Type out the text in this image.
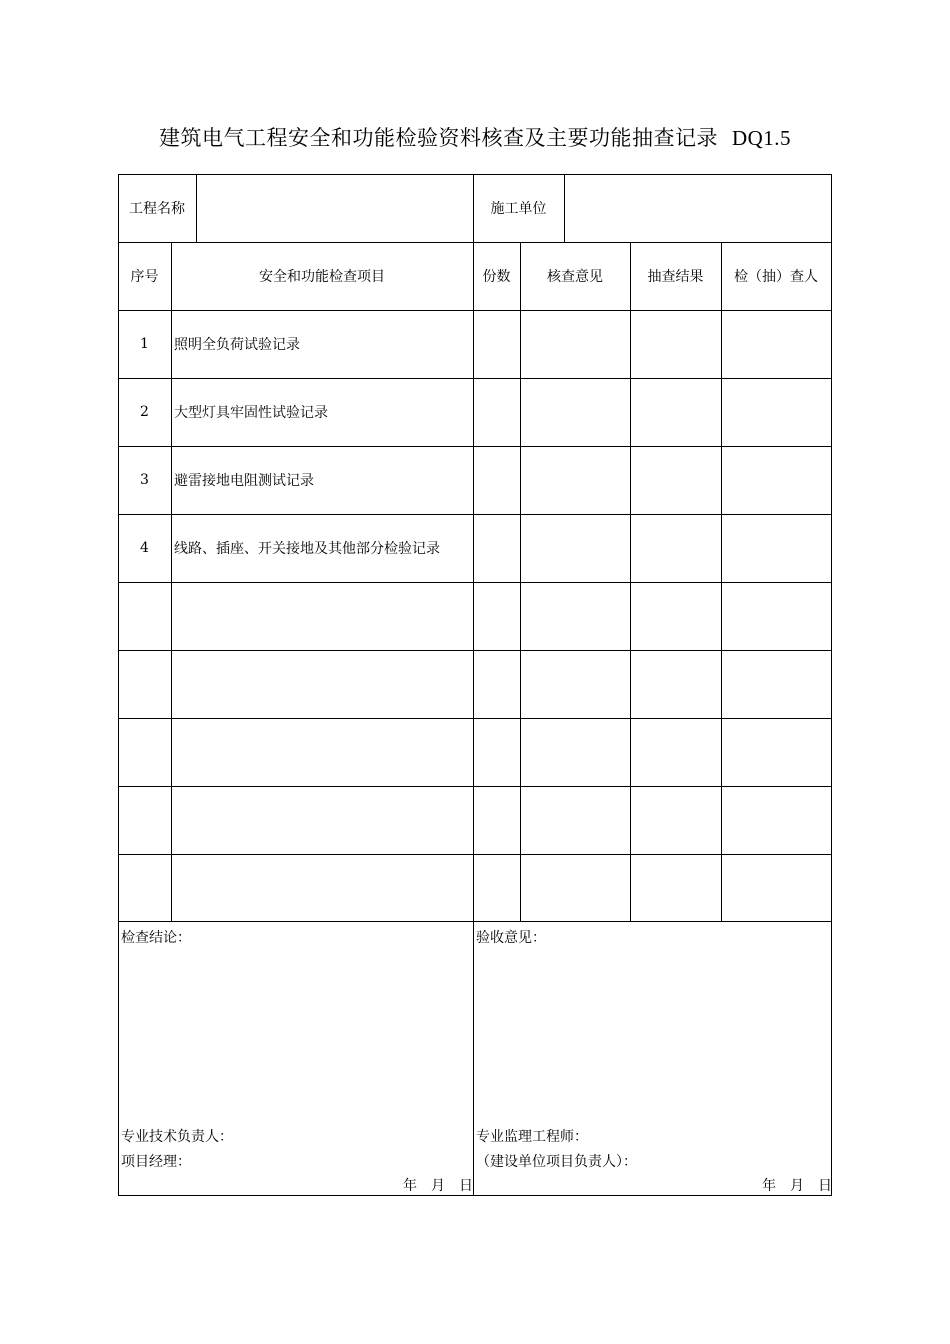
建筑电气工程安全和功能检验资料核查及主要功能抽查记录 DQ1.5
工程名称	施工单位
序号	安全和功能检查项目	份数	核查意见	抽查结果	检（抽）查人
1	照明全负荷试验记录
2	大型灯具牢固性试验记录
3	避雷接地电阻测试记录
4	线路、插座、开关接地及其他部分检验记录
检查结论：
专业技术负责人：
项目经理：
年　月　日
验收意见：
专业监理工程师：
（建设单位项目负责人）：
年　月　日
